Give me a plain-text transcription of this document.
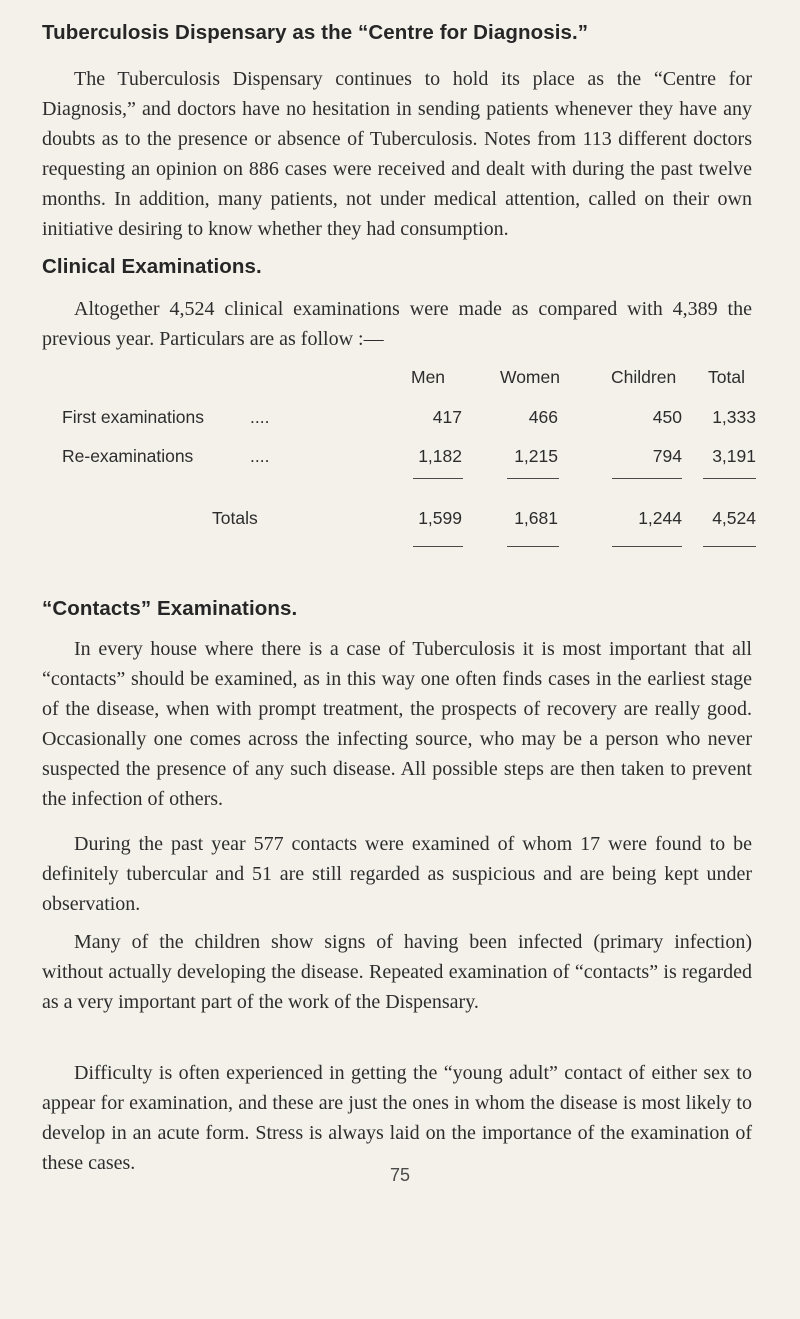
Tuberculosis Dispensary as the “Centre for Diagnosis.”

The Tuberculosis Dispensary continues to hold its place as the “Centre for Diagnosis,” and doctors have no hesitation in sending patients whenever they have any doubts as to the presence or absence of Tuberculosis. Notes from 113 different doctors requesting an opinion on 886 cases were received and dealt with during the past twelve months. In addition, many patients, not under medical attention, called on their own initiative desiring to know whether they had consumption.

Clinical Examinations.

Altogether 4,524 clinical examinations were made as compared with 4,389 the previous year. Particulars are as follow :—

Men	Women	Children Total
First examinations	....	417	466	450	1,333
Re-examinations	....	1,182	1,215	794	3,191
Totals	1,599	1,681	1,244	4,524
“Contacts” Examinations.

In every house where there is a case of Tuberculosis it is most important that all “contacts” should be examined, as in this way one often finds cases in the earliest stage of the disease, when with prompt treatment, the prospects of recovery are really good. Occasionally one comes across the infecting source, who may be a person who never suspected the presence of any such disease. All possible steps are then taken to prevent the infection of others.

During the past year 577 contacts were examined of whom 17 were found to be definitely tubercular and 51 are still regarded as suspicious and are being kept under observation.

Many of the children show signs of having been infected (primary infection) without actually developing the disease. Repeated examination of “contacts” is regarded as a very important part of the work of the Dispensary.

Difficulty is often experienced in getting the “young adult” contact of either sex to appear for examination, and these are just the ones in whom the disease is most likely to develop in an acute form. Stress is always laid on the importance of the examination of these cases.

75
